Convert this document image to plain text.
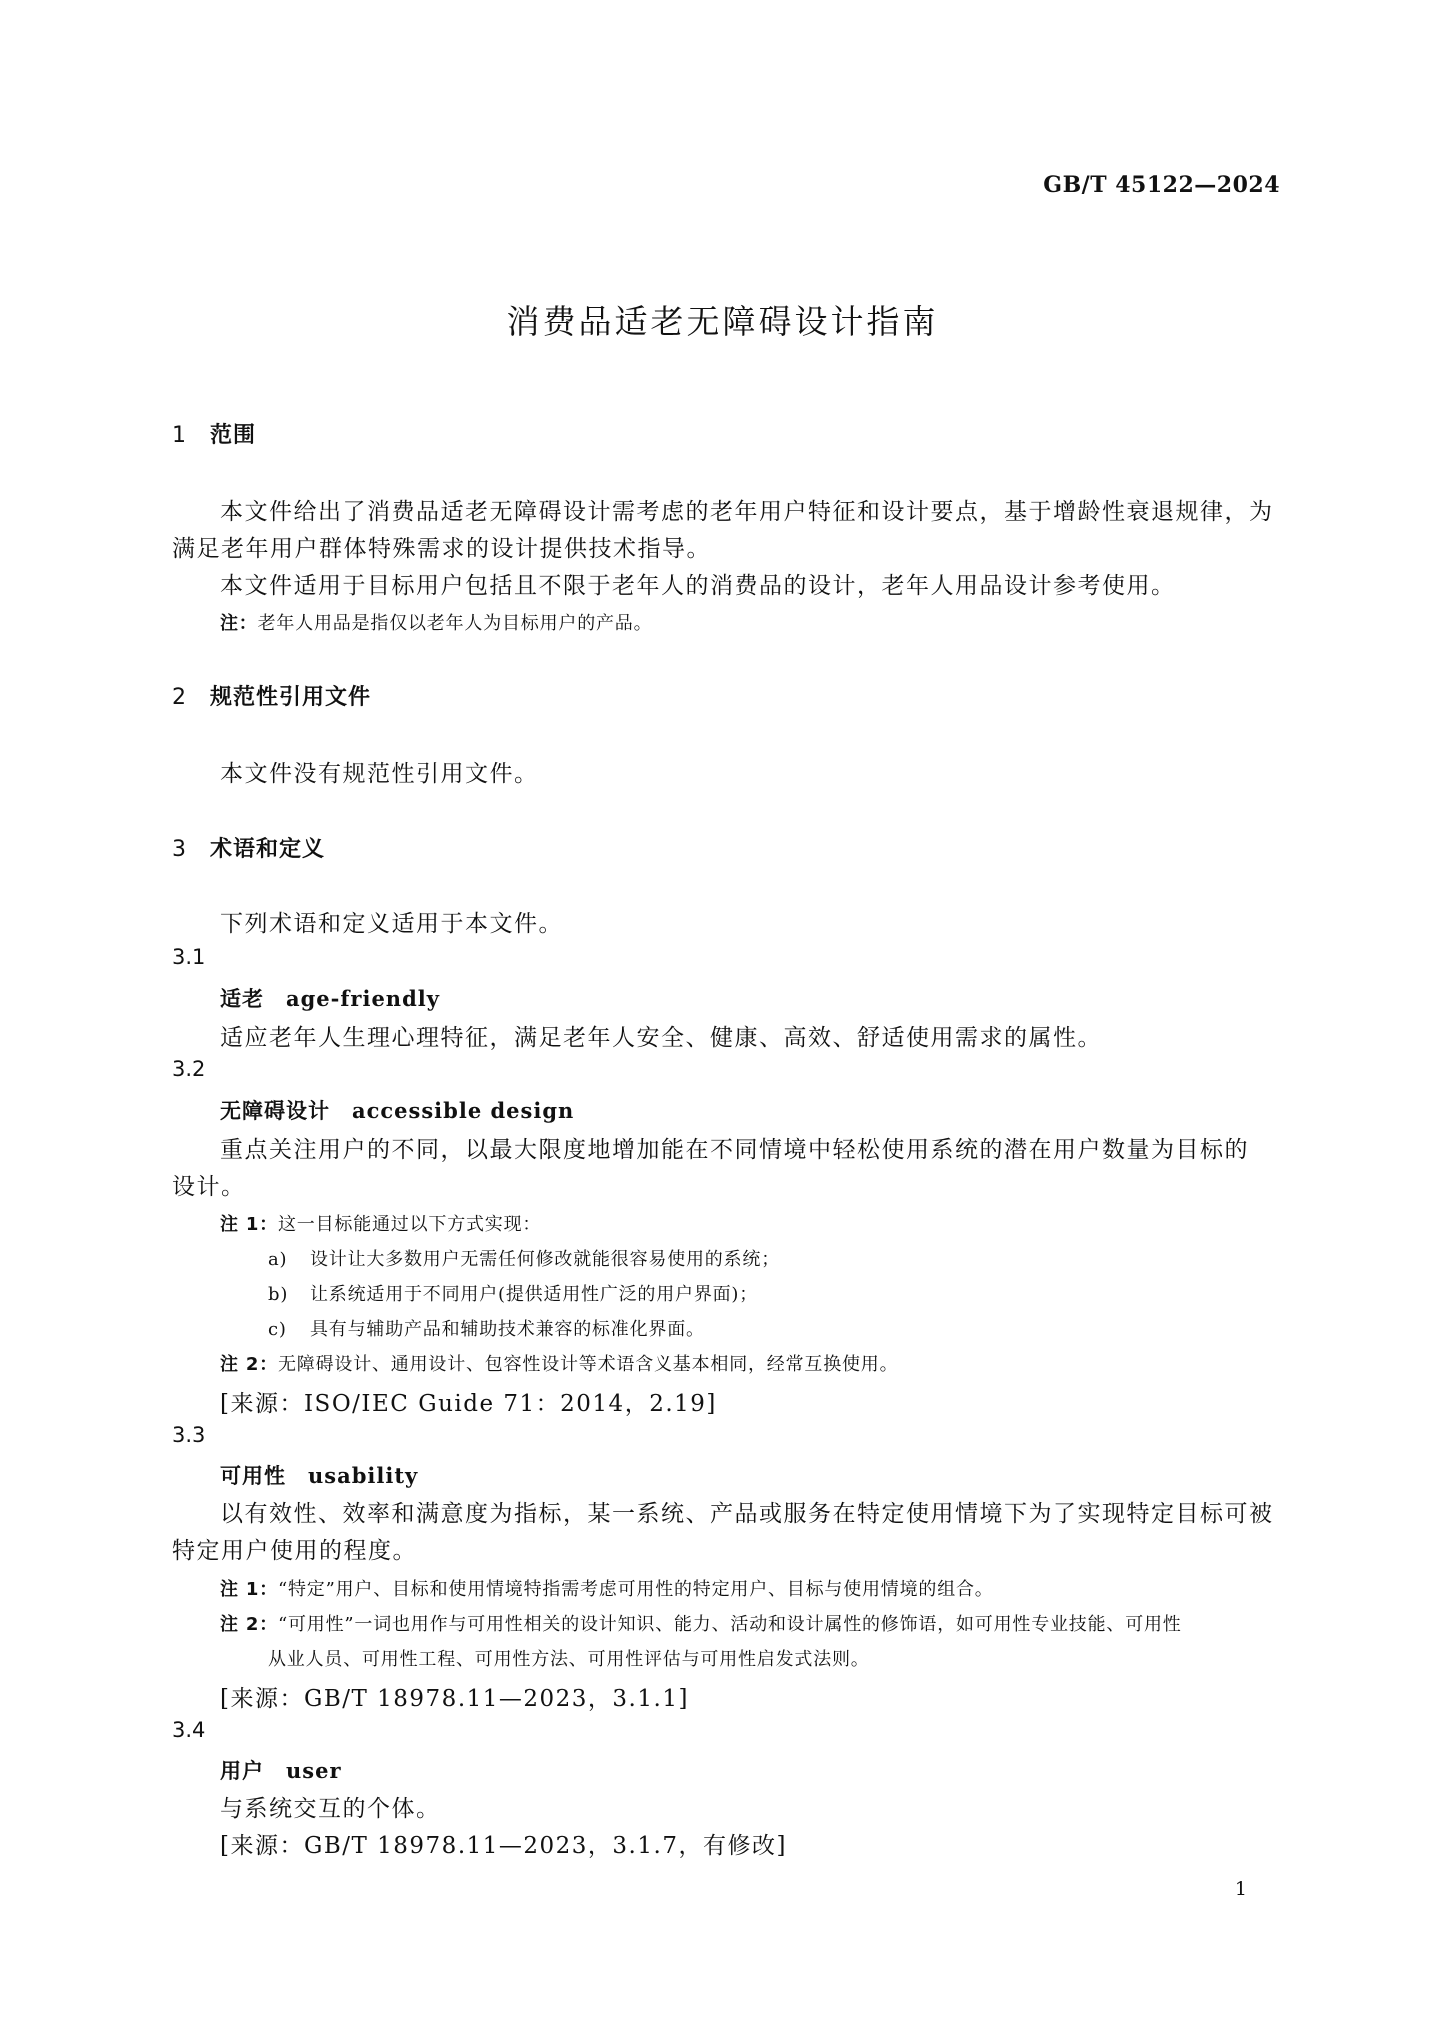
GB/T 45122—2024
消费品适老无障碍设计指南
1 范围
本文件给出了消费品适老无障碍设计需考虑的老年用户特征和设计要点，基于增龄性衰退规律，为
满足老年用户群体特殊需求的设计提供技术指导。
本文件适用于目标用户包括且不限于老年人的消费品的设计，老年人用品设计参考使用。
注：老年人用品是指仅以老年人为目标用户的产品。
2 规范性引用文件
本文件没有规范性引用文件。
3 术语和定义
下列术语和定义适用于本文件。
3.1
适老 age-friendly
适应老年人生理心理特征，满足老年人安全、健康、高效、舒适使用需求的属性。
3.2
无障碍设计 accessible design
重点关注用户的不同，以最大限度地增加能在不同情境中轻松使用系统的潜在用户数量为目标的
设计。
注 1：这一目标能通过以下方式实现：
a) 设计让大多数用户无需任何修改就能很容易使用的系统；
b) 让系统适用于不同用户(提供适用性广泛的用户界面)；
c) 具有与辅助产品和辅助技术兼容的标准化界面。
注 2：无障碍设计、通用设计、包容性设计等术语含义基本相同，经常互换使用。
[来源：ISO/IEC Guide 71：2014，2.19]
3.3
可用性 usability
以有效性、效率和满意度为指标，某一系统、产品或服务在特定使用情境下为了实现特定目标可被
特定用户使用的程度。
注 1：“特定”用户、目标和使用情境特指需考虑可用性的特定用户、目标与使用情境的组合。
注 2：“可用性”一词也用作与可用性相关的设计知识、能力、活动和设计属性的修饰语，如可用性专业技能、可用性
从业人员、可用性工程、可用性方法、可用性评估与可用性启发式法则。
[来源：GB/T 18978.11—2023，3.1.1]
3.4
用户 user
与系统交互的个体。
[来源：GB/T 18978.11—2023，3.1.7，有修改]
1
